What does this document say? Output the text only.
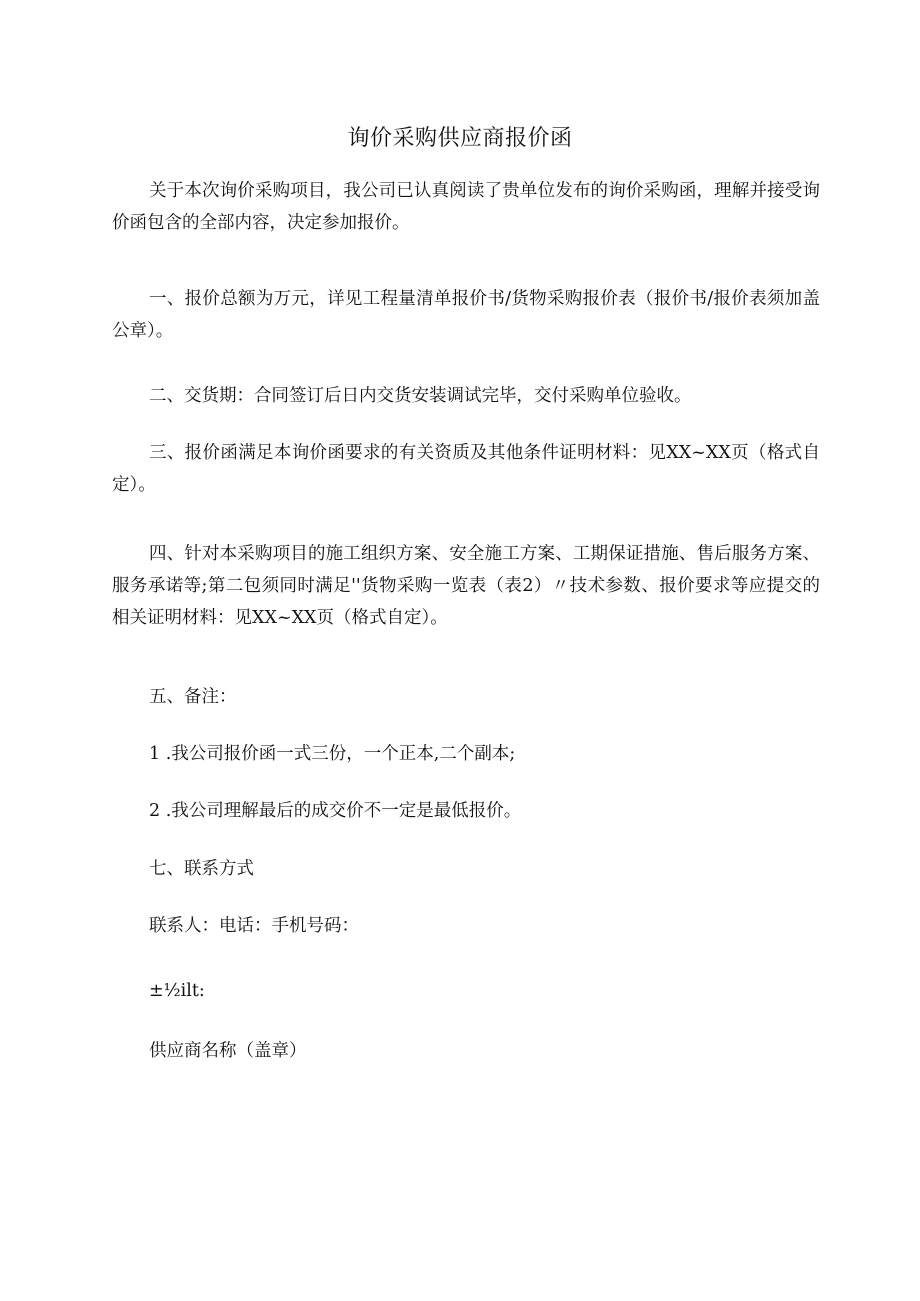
询价采购供应商报价函

关于本次询价采购项目，我公司已认真阅读了贵单位发布的询价采购函，理解并接受询价函包含的全部内容，决定参加报价。

一、报价总额为万元，详见工程量清单报价书/货物采购报价表（报价书/报价表须加盖公章）。

二、交货期：合同签订后日内交货安装调试完毕，交付采购单位验收。

三、报价函满足本询价函要求的有关资质及其他条件证明材料：见XX~XX页（格式自定）。

四、针对本采购项目的施工组织方案、安全施工方案、工期保证措施、售后服务方案、服务承诺等;第二包须同时满足''货物采购一览表（表2）〃技术参数、报价要求等应提交的相关证明材料：见XX~XX页（格式自定）。

五、备注：

1 .我公司报价函一式三份，一个正本,二个副本;

2 .我公司理解最后的成交价不一定是最低报价。

七、联系方式

联系人：电话：手机号码：

±½ilt:

供应商名称（盖章）
